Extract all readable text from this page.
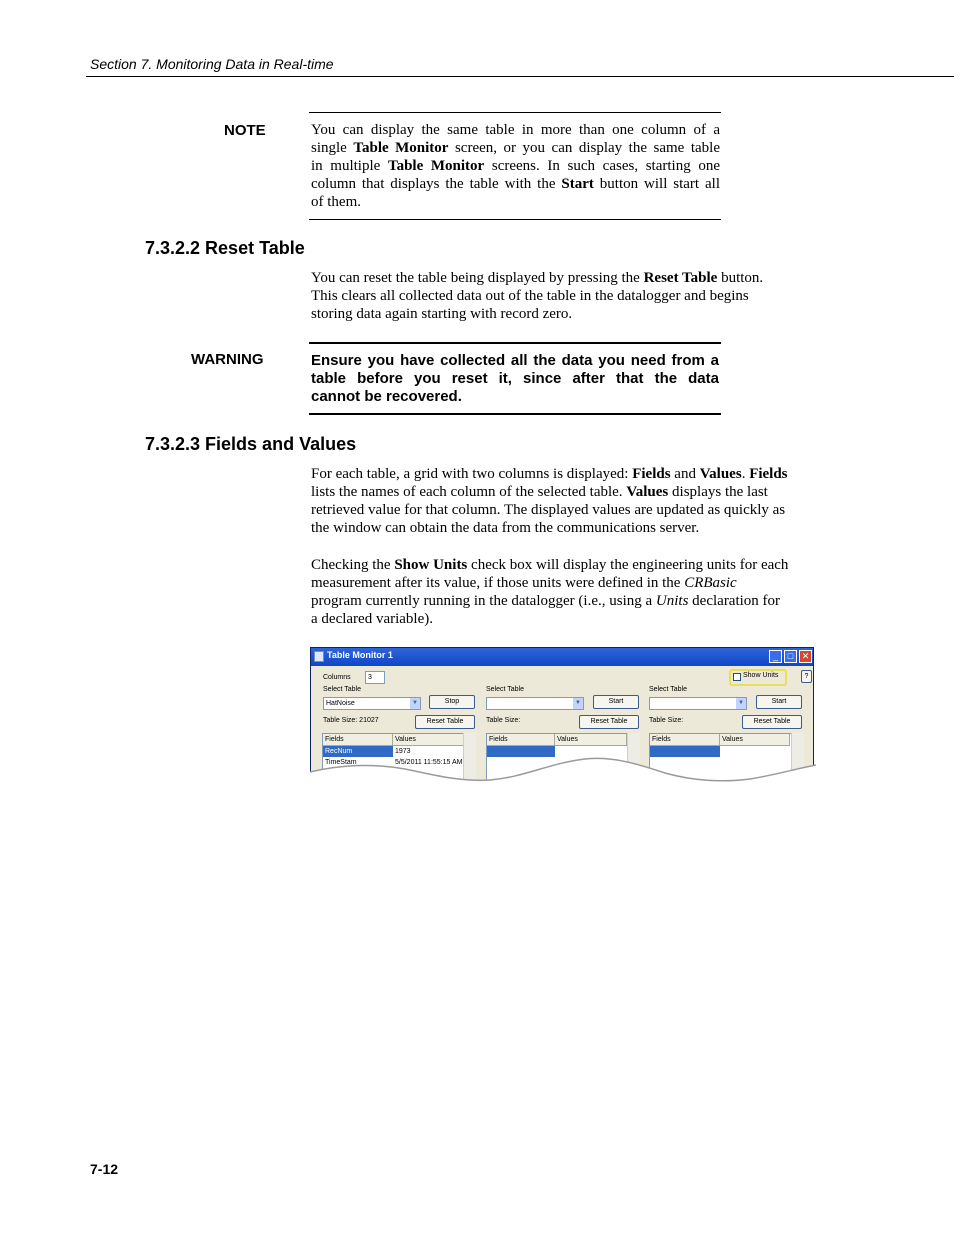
Section 7. Monitoring Data in Real-time
NOTE	You can display the same table in more than one column of a
single Table Monitor screen, or you can display the same table
in multiple Table Monitor screens. In such cases, starting one
column that displays the table with the Start button will start all
of them.
7.3.2.2 Reset Table
You can reset the table being displayed by pressing the Reset Table button.
This clears all collected data out of the table in the datalogger and begins
storing data again starting with record zero.
WARNING	Ensure you have collected all the data you need from a
table before you reset it, since after that the data
cannot be recovered.
7.3.2.3 Fields and Values
For each table, a grid with two columns is displayed: Fields and Values. Fields
lists the names of each column of the selected table. Values displays the last
retrieved value for that column. The displayed values are updated as quickly as
the window can obtain the data from the communications server.
Checking the Show Units check box will display the engineering units for each
measurement after its value, if those units were defined in the CRBasic
program currently running in the datalogger (i.e., using a Units declaration for
a declared variable).
Table Monitor 1	_	□ ✕
Columns	3	Show Units	?
Select Table
HatNoise	▼	Stop
Table Size: 21027	Reset Table
Fields	Values
RecNum	1973
TimeStam	5/5/2011 11:55:15 AM
Select Table
▼	Start
Table Size:	Reset Table
Fields	Values
Select Table
▼	Start
Table Size:	Reset Table
Fields	Values
7-12
